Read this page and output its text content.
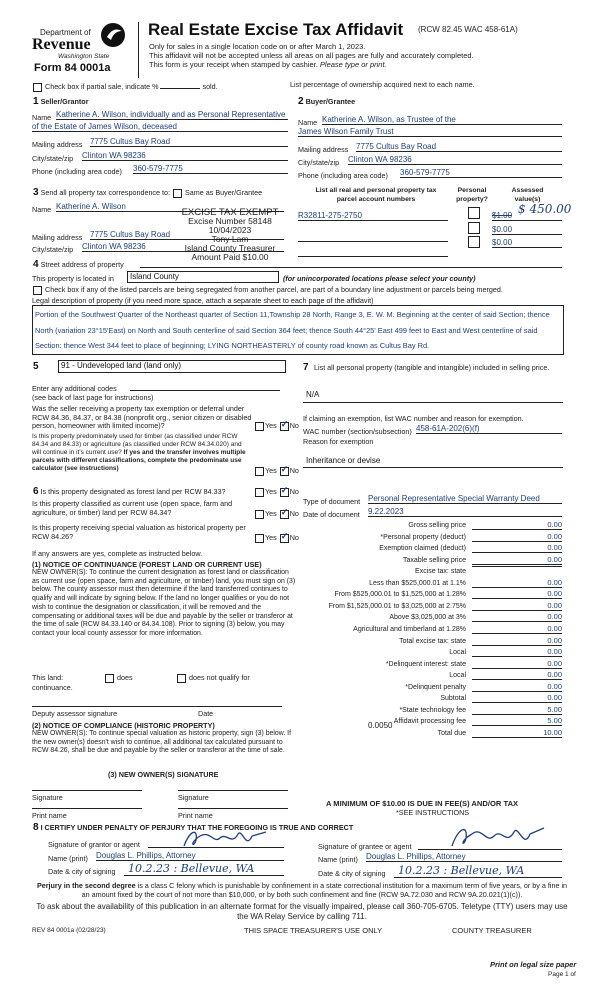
Department of
Revenue
Washington State
Form 84 0001a
Real Estate Excise Tax Affidavit (RCW 82.45 WAC 458-61A)
Only for sales in a single location code on or after March 1, 2023.
This affidavit will not be accepted unless all areas on all pages are fully and accurately completed.
This form is your receipt when stamped by cashier. Please type or print.
Check box if partial sale, indicate %	sold.	List percentage of ownership acquired next to each name.
1 Seller/Grantor
Name Katherine A. Wilson, individually and as Personal Representative
of the Estate of James Wilson, deceased
Mailing address 7775 Cultus Bay Road
City/state/zip Clinton WA 98236
Phone (including area code) 360-579-7775
2 Buyer/Grantee
Name Katherine A. Wilson, as Trustee of the
James Wilson Family Trust
Mailing address 7775 Cultus Bay Road
City/state/zip Clinton WA 98236
Phone (including area code) 360-579-7775
3 Send all property tax correspondence to: Same as Buyer/Grantee
Name Katherine A. Wilson
Mailing address 7775 Cultus Bay Road
City/state/zip Clinton WA 98236
EXCISE TAX EXEMPT
Excise Number 58148
10/04/2023
Tony Lam
Island County Treasurer
Amount Paid $10.00
List all real and personal property tax
parcel account numbers
Personal
property?
Assessed
value(s)
R32811-275-2750	$1.00 $ 450.00
$0.00
$0.00
4 Street address of property
This property is located in	Island County	(for unincorporated locations please select your county)
Check box if any of the listed parcels are being segregated from another parcel, are part of a boundary line adjustment or parcels being merged.
Legal description of property (if you need more space, attach a separate sheet to each page of the affidavit)
Portion of the Southwest Quarter of the Northeast quarter of Section 11,Township 28 North, Range 3, E. W. M. Beginning at the center of said Section; thence North (variation 23°15'East) on North and South centerline of said Section 364 feet; thence South 44°25' East 499 feet to East and West centerline of said Section: thence West 344 feet to place of beginning; LYING NORTHEASTERLY of county road known as Cultus Bay Rd.
5	91 - Undeveloped land (land only)
Enter any additional codes
(see back of last page for instructions)
Was the seller receiving a property tax exemption or deferral under RCW 84.36, 84.37, or 84.38 (nonprofit org., senior citizen or disabled person, homeowner with limited income)?	Yes ✓ No
Is this property predominately used for timber (as classified under RCW 84.34 and 84.33) or agriculture (as classified under RCW 84.34.020) and will continue in it's current use? If yes and the transfer involves multiple parcels with different classifications, complete the predominate use calculator (see instructions)	Yes ✓ No
6 Is this property designated as forest land per RCW 84.33?	Yes ✓ No
Is this property classified as current use (open space, farm and agriculture, or timber) land per RCW 84.34?	Yes ✓ No
Is this property receiving special valuation as historical property per RCW 84.26?	Yes ✓ No
If any answers are yes, complete as instructed below.
(1) NOTICE OF CONTINUANCE (FOREST LAND OR CURRENT USE)
NEW OWNER(S): To continue the current designation as forest land or classification as current use (open space, farm and agriculture, or timber) land, you must sign on (3) below. The county assessor must then determine if the land transferred continues to qualify and will indicate by signing below. If the land no longer qualifies or you do not wish to continue the designation or classification, it will be removed and the compensating or additional taxes will be due and payable by the seller or transferor at the time of sale (RCW 84.33.140 or 84.34.108). Prior to signing (3) below, you may contact your local county assessor for more information.
This land:	does	does not qualify for
continuance.
Deputy assessor signature	Date
(2) NOTICE OF COMPLIANCE (HISTORIC PROPERTY)
NEW OWNER(S): To continue special valuation as historic property, sign (3) below. If the new owner(s) doesn't wish to continue, all additional tax calculated pursuant to RCW 84.26, shall be due and payable by the seller or transferor at the time of sale.
(3) NEW OWNER(S) SIGNATURE
Signature	Signature
Print name	Print name
7 List all personal property (tangible and intangible) included in selling price.
N/A
If claiming an exemption, list WAC number and reason for exemption.
WAC number (section/subsection) 458-61A-202(6)(f)
Reason for exemption
Inheritance or devise
Type of document Personal Representative Special Warranty Deed
Date of document 9.22.2023
Gross selling price	0.00
*Personal property (deduct)	0.00
Exemption claimed (deduct)	0.00
Taxable selling price	0.00
Excise tax: state
Less than $525,000.01 at 1.1%	0.00
From $525,000.01 to $1,525,000 at 1.28%	0.00
From $1,525,000.01 to $3,025,000 at 2.75%	0.00
Above $3,025,000 at 3%	0.00
Agricultural and timberland at 1.28%	0.00
Total excise tax: state	0.00
Local	0.00
*Delinquent interest: state	0.00
Local	0.00
*Delinquent penalty	0.00
Subtotal	0.00
*State technology fee	5.00
Affidavit processing fee	5.00
Total due	10.00
0.0050
A MINIMUM OF $10.00 IS DUE IN FEE(S) AND/OR TAX
*SEE INSTRUCTIONS
8 I CERTIFY UNDER PENALTY OF PERJURY THAT THE FOREGOING IS TRUE AND CORRECT
Signature of grantor or agent
Name (print) Douglas L. Phillips, Attorney
Date & city of signing 10.2.23 : Bellevue, WA
Signature of grantee or agent
Name (print) Douglas L. Phillips, Attorney
Date & city of signing 10.2.23 : Bellevue, WA
Perjury in the second degree is a class C felony which is punishable by confinement in a state correctional institution for a maximum term of five years, or by a fine in an amount fixed by the court of not more than $10,000, or by both such confinement and fine (RCW 9A.72.030 and RCW 9A.20.021(1)(c)).
To ask about the availability of this publication in an alternate format for the visually impaired, please call 360-705-6705. Teletype (TTY) users may use the WA Relay Service by calling 711.
REV 84 0001a (02/28/23)	THIS SPACE TREASURER'S USE ONLY	COUNTY TREASURER
Print on legal size paper
Page 1 of
